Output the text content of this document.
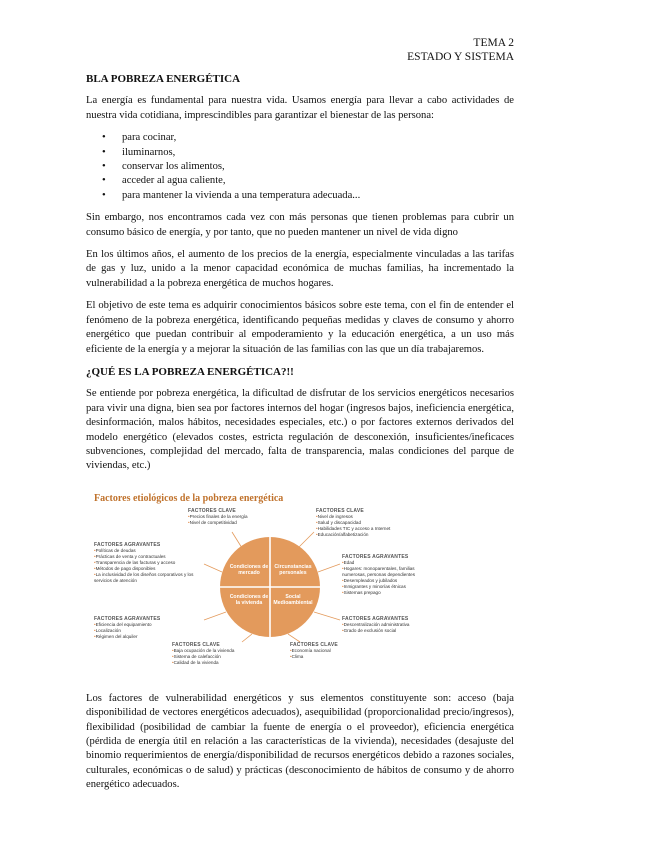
TEMA 2
ESTADO Y SISTEMA
BLA POBREZA ENERGÉTICA

La energía es fundamental para nuestra vida. Usamos energía para llevar a cabo actividades de nuestra vida cotidiana, imprescindibles para garantizar el bienestar de las persona:

• para cocinar,
• iluminarnos,
• conservar los alimentos,
• acceder al agua caliente,
• para mantener la vivienda a una temperatura adecuada...

Sin embargo, nos encontramos cada vez con más personas que tienen problemas para cubrir un consumo básico de energía, y por tanto, que no pueden mantener un nivel de vida digno

En los últimos años, el aumento de los precios de la energía, especialmente vinculadas a las tarifas de gas y luz, unido a la menor capacidad económica de muchas familias, ha incrementado la vulnerabilidad a la pobreza energética de muchos hogares.

El objetivo de este tema es adquirir conocimientos básicos sobre este tema, con el fin de entender el fenómeno de la pobreza energética, identificando pequeñas medidas y claves de consumo y ahorro energético que puedan contribuir al empoderamiento y la educación energética, a un uso más eficiente de la energía y a mejorar la situación de las familias con las que un día trabajaremos.

¿QUÉ ES LA POBREZA ENERGÉTICA?!!

Se entiende por pobreza energética, la dificultad de disfrutar de los servicios energéticos necesarios para vivir una digna, bien sea por factores internos del hogar (ingresos bajos, ineficiencia energética, desinformación, malos hábitos, necesidades especiales, etc.) o por factores externos derivados del modelo energético (elevados costes, estricta regulación de desconexión, insuficientes/ineficaces subvenciones, complejidad del mercado, falta de transparencia, malas condiciones del parque de viviendas, etc.)

Factores etiológicos de la pobreza energética
Condiciones de mercado
Circunstancias personales
Condiciones de la vivienda
Social Medioambiental
FACTORES CLAVE
• Precios finales de la energía
• Nivel de competitividad
FACTORES CLAVE
• Nivel de ingresos
• Salud y discapacidad
• Habilidades TIC y acceso a Internet
• Educación/alfabetización
FACTORES AGRAVANTES
• Políticas de deudas
• Prácticas de venta y contractuales
• Transparencia de las facturas y acceso
• Métodos de pago disponibles
• La inclusividad de los diseños corporativos y los servicios de atención
FACTORES AGRAVANTES
• Edad
• Hogares: monoparentales, familias numerosas, personas dependientes
• Desempleados y jubilados
• Inmigrantes y minorías étnicas
• Sistemas prepago
FACTORES AGRAVANTES
• Eficiencia del equipamiento
• Localización
• Régimen del alquiler
FACTORES AGRAVANTES
• Descentralización administrativa
• Grado de exclusión social
FACTORES CLAVE
• Baja ocupación de la vivienda
• Sistema de calefacción
• Calidad de la vivienda
FACTORES CLAVE
• Economía nacional
• Clima

Los factores de vulnerabilidad energéticos y sus elementos constituyente son: acceso (baja disponibilidad de vectores energéticos adecuados), asequibilidad (proporcionalidad precio/ingresos), flexibilidad (posibilidad de cambiar la fuente de energía o el proveedor), eficiencia energética (pérdida de energía útil en relación a las características de la vivienda), necesidades (desajuste del binomio requerimientos de energía/disponibilidad de recursos energéticos debido a razones sociales, culturales, económicas o de salud) y prácticas (desconocimiento de hábitos de consumo y de ahorro energético adecuados.
